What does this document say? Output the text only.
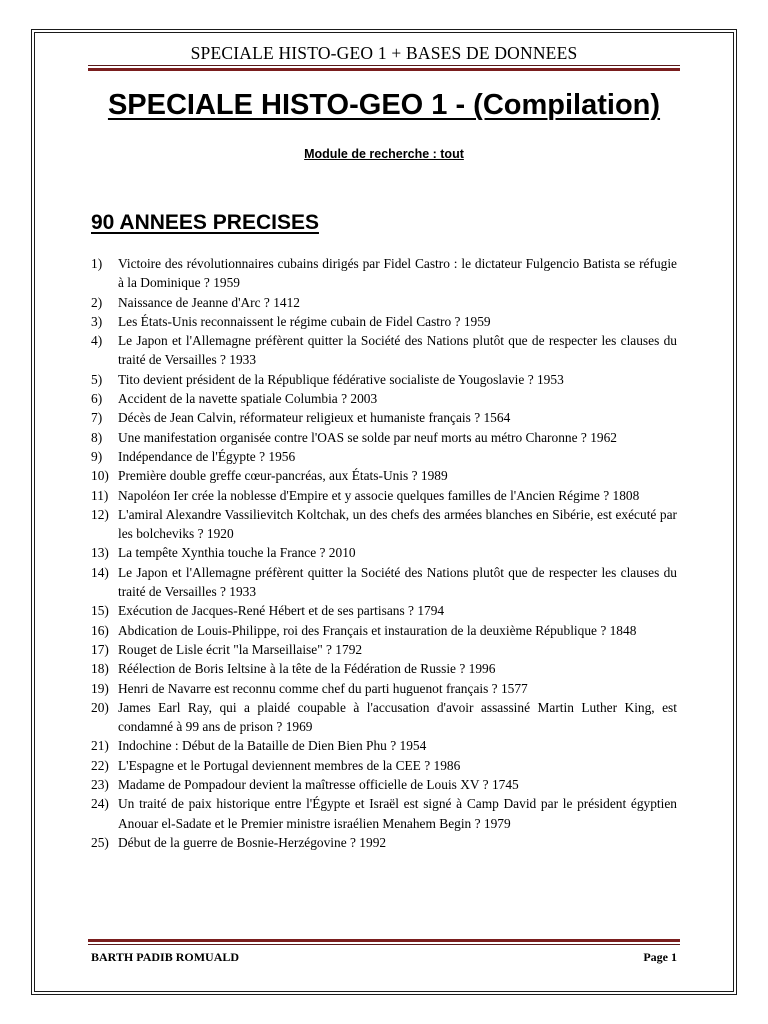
SPECIALE HISTO-GEO 1 + BASES DE DONNEES
SPECIALE HISTO-GEO 1 - (Compilation)
Module de recherche : tout
90 ANNEES PRECISES
1)	Victoire des révolutionnaires cubains dirigés par Fidel Castro : le dictateur Fulgencio Batista se réfugie à la Dominique ? 1959
2)	Naissance de Jeanne d'Arc ? 1412
3)	Les États-Unis reconnaissent le régime cubain de Fidel Castro ? 1959
4)	Le Japon et l'Allemagne préfèrent quitter la Société des Nations plutôt que de respecter les clauses du traité de Versailles ? 1933
5)	Tito devient président de la République fédérative socialiste de Yougoslavie ? 1953
6)	Accident de la navette spatiale Columbia ? 2003
7)	Décès de Jean Calvin, réformateur religieux et humaniste français ? 1564
8)	Une manifestation organisée contre l'OAS se solde par neuf morts au métro Charonne ? 1962
9)	Indépendance de l'Égypte ? 1956
10) Première double greffe cœur-pancréas, aux États-Unis ? 1989
11) Napoléon Ier crée la noblesse d'Empire et y associe quelques familles de l'Ancien Régime ? 1808
12) L'amiral Alexandre Vassilievitch Koltchak, un des chefs des armées blanches en Sibérie, est exécuté par les bolcheviks ? 1920
13) La tempête Xynthia touche la France ? 2010
14) Le Japon et l'Allemagne préfèrent quitter la Société des Nations plutôt que de respecter les clauses du traité de Versailles ? 1933
15) Exécution de Jacques-René Hébert et de ses partisans ? 1794
16) Abdication de Louis-Philippe, roi des Français et instauration de la deuxième République ? 1848
17) Rouget de Lisle écrit "la Marseillaise" ? 1792
18) Réélection de Boris Ieltsine à la tête de la Fédération de Russie ? 1996
19) Henri de Navarre est reconnu comme chef du parti huguenot français ? 1577
20) James Earl Ray, qui a plaidé coupable à l'accusation d'avoir assassiné Martin Luther King, est condamné à 99 ans de prison ? 1969
21) Indochine : Début de la Bataille de Dien Bien Phu ? 1954
22) L'Espagne et le Portugal deviennent membres de la CEE ? 1986
23) Madame de Pompadour devient la maîtresse officielle de Louis XV ? 1745
24) Un traité de paix historique entre l'Égypte et Israël est signé à Camp David par le président égyptien Anouar el-Sadate et le Premier ministre israélien Menahem Begin ? 1979
25) Début de la guerre de Bosnie-Herzégovine ? 1992
BARTH PADIB ROMUALD	Page 1
